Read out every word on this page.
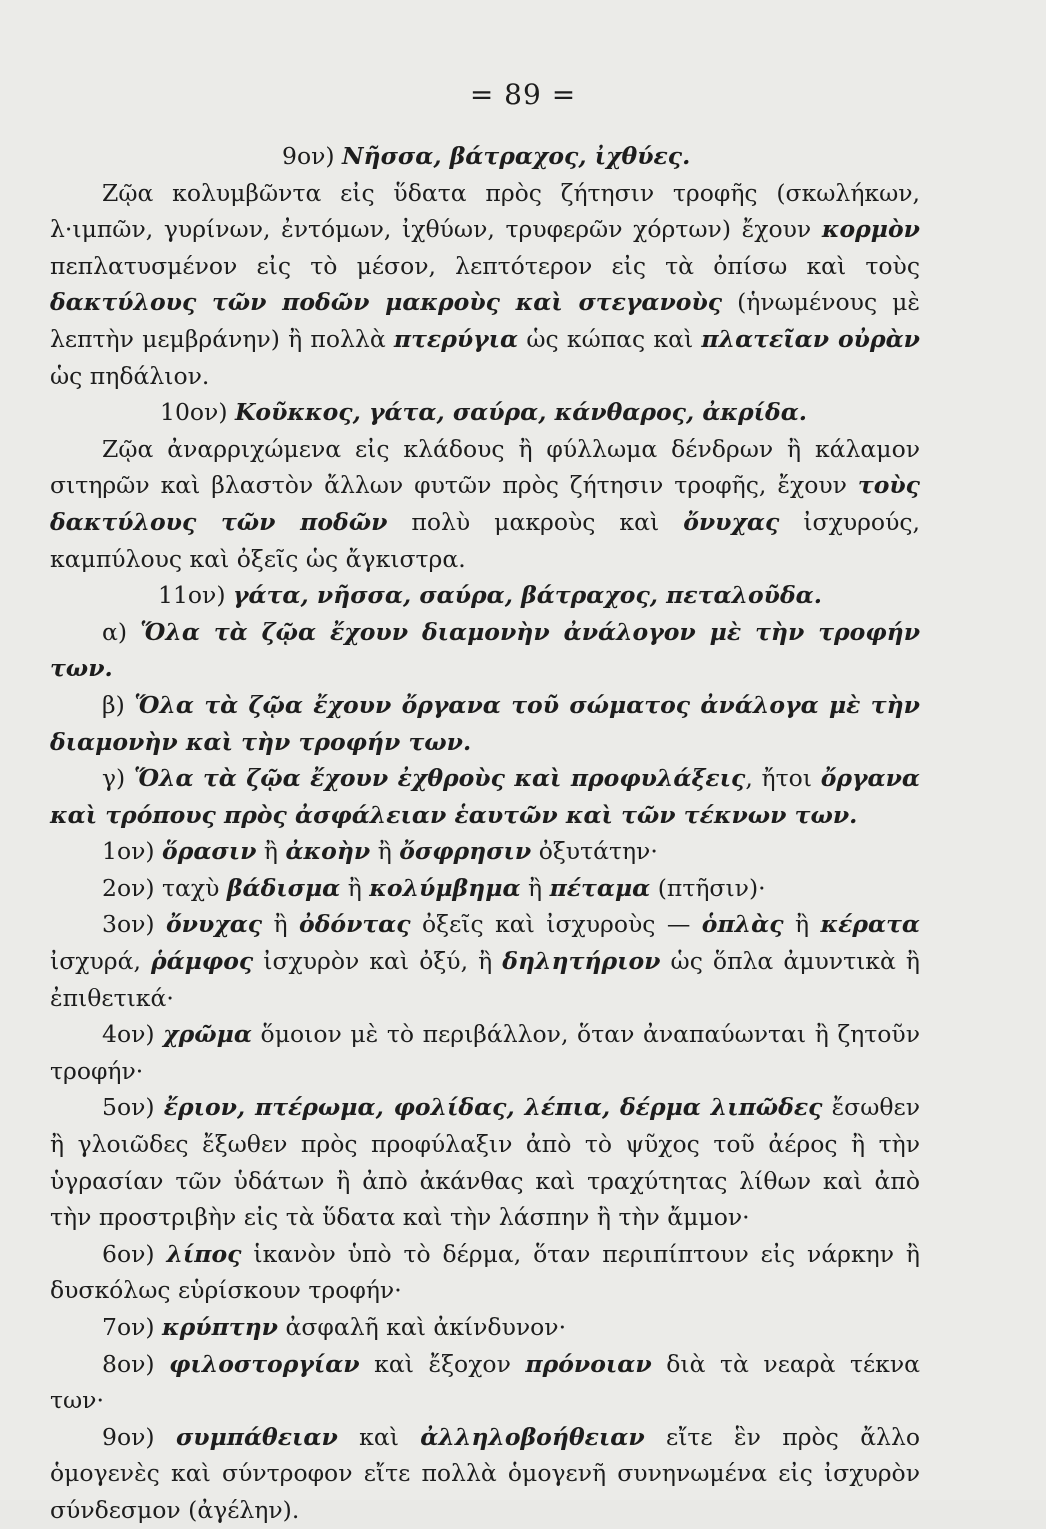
= 89 =

9ον) Νῆσσα, βάτραχος, ἰχθύες.

Ζῷα κολυμβῶντα εἰς ὕδατα πρὸς ζήτησιν τροφῆς (σκωλήκων, λ·ιμπῶν, γυρίνων, ἐντόμων, ἰχθύων, τρυφερῶν χόρτων) ἔχουν κορμὸν πεπλατυσμένον εἰς τὸ μέσον, λεπτότερον εἰς τὰ ὀπίσω καὶ τοὺς δακτύλους τῶν ποδῶν μακροὺς καὶ στεγανοὺς (ἡνωμένους μὲ λεπτὴν μεμβράνην) ἢ πολλὰ πτερύγια ὡς κώπας καὶ πλατεῖαν οὐρὰν ὡς πηδάλιον.

10ον) Κοῦκκος, γάτα, σαύρα, κάνθαρος, ἀκρίδα.

Ζῷα ἀναρριχώμενα εἰς κλάδους ἢ φύλλωμα δένδρων ἢ κάλαμον σιτηρῶν καὶ βλαστὸν ἄλλων φυτῶν πρὸς ζήτησιν τροφῆς, ἔχουν τοὺς δακτύλους τῶν ποδῶν πολὺ μακροὺς καὶ ὄνυχας ἰσχυρούς, καμπύλους καὶ ὀξεῖς ὡς ἄγκιστρα.

11ον) γάτα, νῆσσα, σαύρα, βάτραχος, πεταλοῦδα.

α) Ὅλα τὰ ζῷα ἔχουν διαμονὴν ἀνάλογον μὲ τὴν τροφήν των.

β) Ὅλα τὰ ζῷα ἔχουν ὄργανα τοῦ σώματος ἀνάλογα μὲ τὴν διαμονὴν καὶ τὴν τροφήν των.

γ) Ὅλα τὰ ζῷα ἔχουν ἐχθροὺς καὶ προφυλάξεις, ἤτοι ὄργανα καὶ τρόπους πρὸς ἀσφάλειαν ἑαυτῶν καὶ τῶν τέκνων των.

1ον) ὅρασιν ἢ ἀκοὴν ἢ ὄσφρησιν ὀξυτάτην·

2ον) ταχὺ βάδισμα ἢ κολύμβημα ἢ πέταμα (πτῆσιν)·

3ον) ὄνυχας ἢ ὀδόντας ὀξεῖς καὶ ἰσχυροὺς — ὁπλὰς ἢ κέρατα ἰσχυρά, ῥάμφος ἰσχυρὸν καὶ ὀξύ, ἢ δηλητήριον ὡς ὅπλα ἀμυντικὰ ἢ ἐπιθετικά·

4ον) χρῶμα ὅμοιον μὲ τὸ περιβάλλον, ὅταν ἀναπαύωνται ἢ ζητοῦν τροφήν·

5ον) ἔριον, πτέρωμα, φολίδας, λέπια, δέρμα λιπῶδες ἔσωθεν ἢ γλοιῶδες ἔξωθεν πρὸς προφύλαξιν ἀπὸ τὸ ψῦχος τοῦ ἀέρος ἢ τὴν ὑγρασίαν τῶν ὑδάτων ἢ ἀπὸ ἀκάνθας καὶ τραχύτητας λίθων καὶ ἀπὸ τὴν προστριβὴν εἰς τὰ ὕδατα καὶ τὴν λάσπην ἢ τὴν ἄμμον·

6ον) λίπος ἱκανὸν ὑπὸ τὸ δέρμα, ὅταν περιπίπτουν εἰς νάρκην ἢ δυσκόλως εὑρίσκουν τροφήν·

7ον) κρύπτην ἀσφαλῆ καὶ ἀκίνδυνον·

8ον) φιλοστοργίαν καὶ ἔξοχον πρόνοιαν διὰ τὰ νεαρὰ τέκνα των·

9ον) συμπάθειαν καὶ ἀλληλοβοήθειαν εἴτε ἓν πρὸς ἄλλο ὁμογενὲς καὶ σύντροφον εἴτε πολλὰ ὁμογενῆ συνηνωμένα εἰς ἰσχυρὸν σύνδεσμον (ἀγέλην).
